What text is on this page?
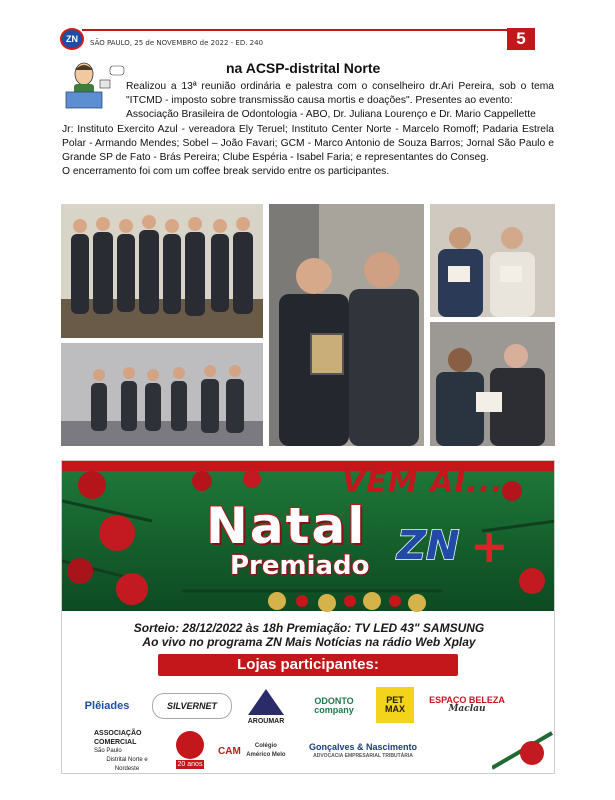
ZN	SÃO PAULO, 25 de NOVEMBRO de 2022 - ED. 240	5
na ACSP-distrital Norte

Realizou a 13ª reunião ordinária e palestra com o conselheiro dr.Ari Pereira, sob o tema "ITCMD - imposto sobre transmissão causa mortis e doações". Presentes ao evento:

Associação Brasileira de Odontologia - ABO, Dr. Juliana Lourenço e Dr. Mario Cappellette

Jr: Instituto Exercito Azul - vereadora Ely Teruel; Instituto Center Norte - Marcelo Romoff; Padaria Estrela Polar - Armando Mendes; Sobel – João Favari; GCM - Marco Antonio de Souza Barros; Jornal São Paulo e Grande SP de Fato - Brás Pereira; Clube Espéria - Isabel Faria; e representantes do Conseg.

O encerramento foi com um coffee break servido entre os participantes.

VÊM AI...
Natal
Premiado ZN +
Sorteio: 28/12/2022 às 18h Premiação: TV LED 43" SAMSUNG
Ao vivo no programa ZN Mais Notícias na rádio Web Xplay
Lojas participantes:
Plêiades	SILVERNET
AROUMAR
ODONTO company
PET MAX
ESPAÇO BELEZA
Maclau
ASSOCIAÇÃO
COMERCIAL
São Paulo
Distrital Norte e Nordeste
20 anos
CAM	Colégio Américo Melo
Gonçalves & Nascimento
ADVOCACIA EMPRESARIAL TRIBUTÁRIA
